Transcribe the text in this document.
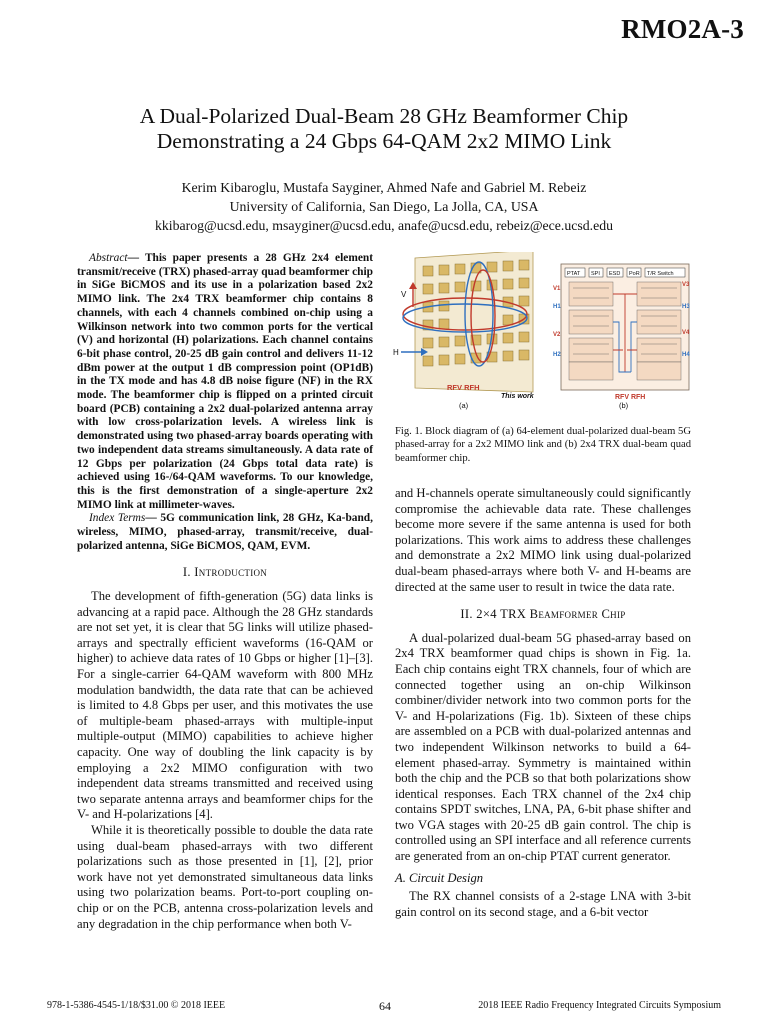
RMO2A-3
A Dual-Polarized Dual-Beam 28 GHz Beamformer Chip
Demonstrating a 24 Gbps 64-QAM 2x2 MIMO Link
Kerim Kibaroglu, Mustafa Sayginer, Ahmed Nafe and Gabriel M. Rebeiz
University of California, San Diego, La Jolla, CA, USA
kkibarog@ucsd.edu, msayginer@ucsd.edu, anafe@ucsd.edu, rebeiz@ece.ucsd.edu

Abstract— This paper presents a 28 GHz 2x4 element transmit/receive (TRX) phased-array quad beamformer chip in SiGe BiCMOS and its use in a polarization based 2x2 MIMO link. The 2x4 TRX beamformer chip contains 8 channels, with each 4 channels combined on-chip using a Wilkinson network into two common ports for the vertical (V) and horizontal (H) polarizations. Each channel contains 6-bit phase control, 20-25 dB gain control and delivers 11-12 dBm power at the output 1 dB compression point (OP1dB) in the TX mode and has 4.8 dB noise figure (NF) in the RX mode. The beamformer chip is flipped on a printed circuit board (PCB) containing a 2x2 dual-polarized antenna array with low cross-polarization levels. A wireless link is demonstrated using two phased-array boards operating with two independent data streams simultaneously. A data rate of 12 Gbps per polarization (24 Gbps total data rate) is achieved using 16-/64-QAM waveforms. To our knowledge, this is the first demonstration of a single-aperture 2x2 MIMO link at millimeter-waves.

Index Terms— 5G communication link, 28 GHz, Ka-band, wireless, MIMO, phased-array, transmit/receive, dual-polarized antenna, SiGe BiCMOS, QAM, EVM.

I. Introduction

The development of fifth-generation (5G) data links is advancing at a rapid pace. Although the 28 GHz standards are not set yet, it is clear that 5G links will utilize phased-arrays and spectrally efficient waveforms (16-QAM or higher) to achieve data rates of 10 Gbps or higher [1]–[3]. For a single-carrier 64-QAM waveform with 800 MHz modulation bandwidth, the data rate that can be achieved is limited to 4.8 Gbps per user, and this motivates the use of multiple-beam phased-arrays with multiple-input multiple-output (MIMO) capabilities to achieve higher capacity. One way of doubling the link capacity is by employing a 2x2 MIMO configuration with two independent data streams transmitted and received using two separate antenna arrays and beamformer chips for the V- and H-polarizations [4].

While it is theoretically possible to double the data rate using dual-beam phased-arrays with two different polarizations such as those presented in [1], [2], prior work have not yet demonstrated simultaneous data links using two polarization beams. Port-to-port coupling on-chip or on the PCB, antenna cross-polarization levels and any degradation in the chip performance when both V-

V
H
RFV RFH
This work
(a)
PTAT SPI ESD PoR T/R Switch
V1
H1
V2
H2
V3
H3
V4
H4
RFV RFH
(b)
Fig. 1. Block diagram of (a) 64-element dual-polarized dual-beam 5G phased-array for a 2x2 MIMO link and (b) 2x4 TRX dual-beam quad beamformer chip.

and H-channels operate simultaneously could significantly compromise the achievable data rate. These challenges become more severe if the same antenna is used for both polarizations. This work aims to address these challenges and demonstrate a 2x2 MIMO link using dual-polarized dual-beam phased-arrays where both V- and H-beams are directed at the same user to result in twice the data rate.

II. 2×4 TRX Beamformer Chip

A dual-polarized dual-beam 5G phased-array based on 2x4 TRX beamformer quad chips is shown in Fig. 1a. Each chip contains eight TRX channels, four of which are connected together using an on-chip Wilkinson combiner/divider network into two common ports for the V- and H-polarizations (Fig. 1b). Sixteen of these chips are assembled on a PCB with dual-polarized antennas and two independent Wilkinson networks to build a 64-element phased-array. Symmetry is maintained within both the chip and the PCB so that both polarizations show identical responses. Each TRX channel of the 2x4 chip contains SPDT switches, LNA, PA, 6-bit phase shifter and two VGA stages with 20-25 dB gain control. The chip is controlled using an SPI interface and all reference currents are generated from an on-chip PTAT current generator.

A. Circuit Design

The RX channel consists of a 2-stage LNA with 3-bit gain control on its second stage, and a 6-bit vector

978-1-5386-4545-1/18/$31.00 © 2018 IEEE	64	2018 IEEE Radio Frequency Integrated Circuits Symposium
